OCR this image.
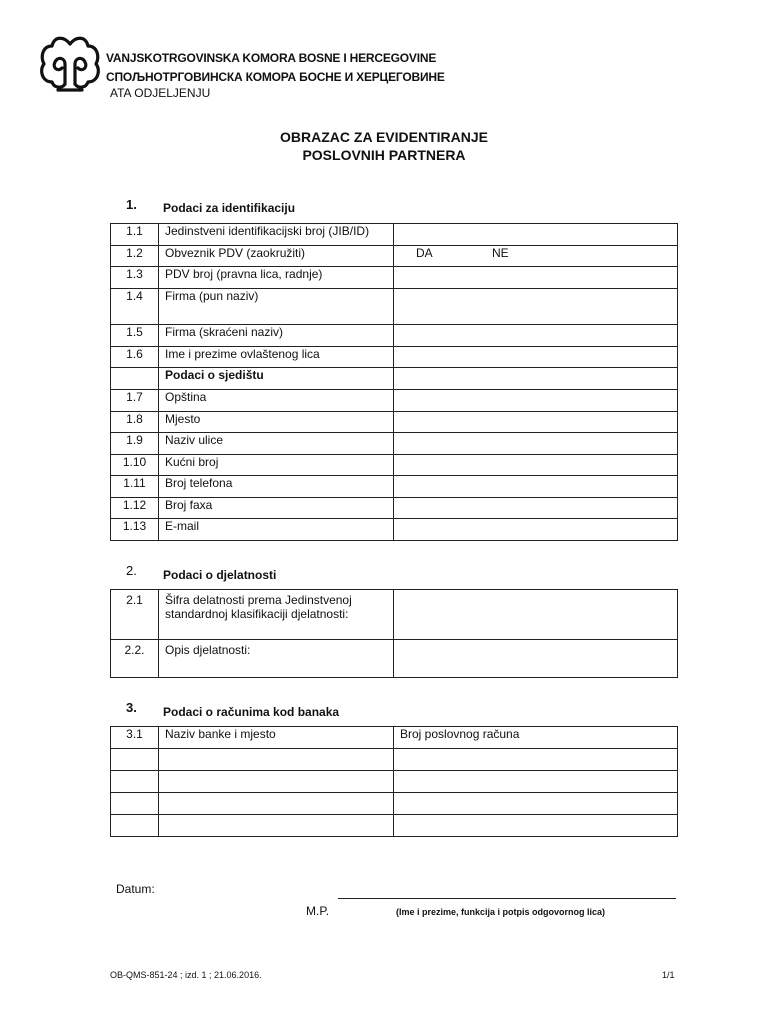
VANJSKOTRGOVINSKA KOMORA BOSNE I HERCEGOVINE
СПОЉНОТРГОВИНСКА КОМОРА БОСНЕ И ХЕРЦЕГОВИНЕ
ATA ODJELJENJU
OBRAZAC ZA EVIDENTIRANJE
POSLOVNIH PARTNERA
1. Podaci za identifikaciju
1.1	Jedinstveni identifikacijski broj (JIB/ID)	
1.2	Obveznik PDV (zaokružiti)	DA NE
1.3	PDV broj (pravna lica, radnje)	
1.4	Firma (pun naziv)	
1.5	Firma (skraćeni naziv)	
1.6	Ime i prezime ovlaštenog lica	
	Podaci o sjedištu	
1.7	Opština	
1.8	Mjesto	
1.9	Naziv ulice	
1.10	Kućni broj	
1.11	Broj telefona	
1.12	Broj faxa	
1.13	E-mail	
2. Podaci o djelatnosti
2.1	Šifra delatnosti prema Jedinstvenoj standardnoj klasifikaciji djelatnosti:	
2.2.	Opis djelatnosti:	
3. Podaci o računima kod banaka
3.1	Naziv banke i mjesto	Broj poslovnog računa

Datum:
M.P.	(Ime i prezime, funkcija i potpis odgovornog lica)
OB-QMS-851-24 ; izd. 1 ; 21.06.2016.	1/1
